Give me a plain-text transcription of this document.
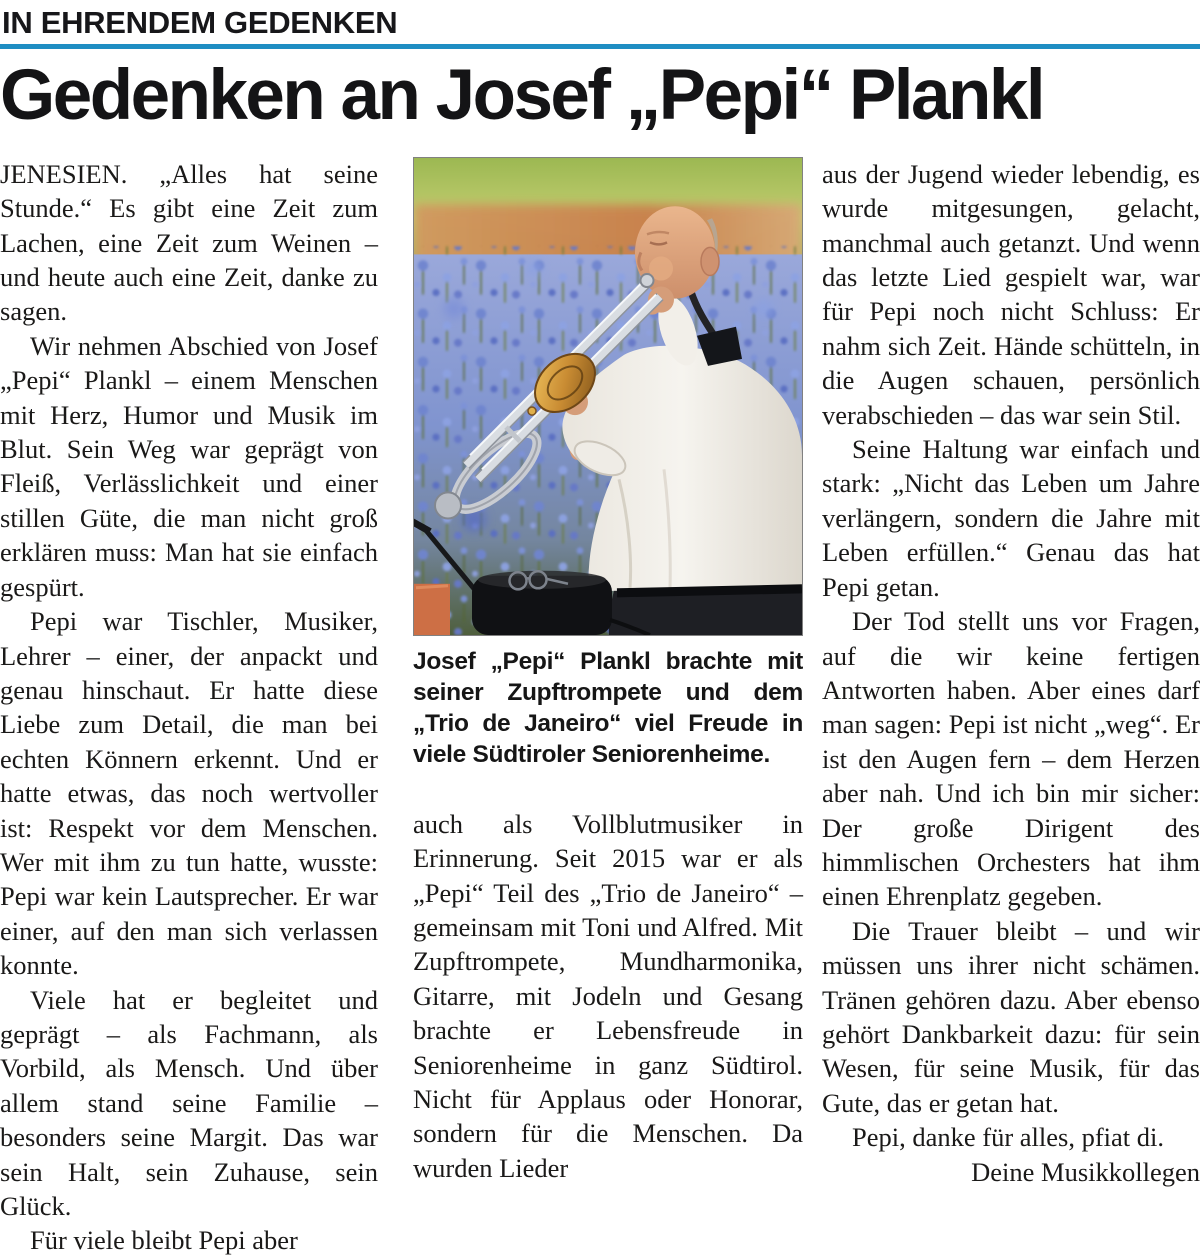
IN EHRENDEM GEDENKEN
Gedenken an Josef „Pepi“ Plankl

JENESIEN. „Alles hat seine Stunde.“ Es gibt eine Zeit zum Lachen, eine Zeit zum Weinen – und heute auch eine Zeit, danke zu sagen.

Wir nehmen Abschied von Josef „Pepi“ Plankl – einem Menschen mit Herz, Humor und Musik im Blut. Sein Weg war geprägt von Fleiß, Verlässlichkeit und einer stillen Güte, die man nicht groß erklären muss: Man hat sie einfach gespürt.

Pepi war Tischler, Musiker, Lehrer – einer, der anpackt und genau hinschaut. Er hatte diese Liebe zum Detail, die man bei echten Könnern erkennt. Und er hatte etwas, das noch wertvoller ist: Respekt vor dem Menschen. Wer mit ihm zu tun hatte, wusste: Pepi war kein Lautsprecher. Er war einer, auf den man sich verlassen konnte.

Viele hat er begleitet und geprägt – als Fachmann, als Vorbild, als Mensch. Und über allem stand seine Familie – besonders seine Margit. Das war sein Halt, sein Zuhause, sein Glück.

Für viele bleibt Pepi aber

Josef „Pepi“ Plankl brachte mit seiner Zupftrompete und dem „Trio de Janeiro“ viel Freude in viele Südtiroler Seniorenheime.

auch als Vollblutmusiker in Erinnerung. Seit 2015 war er als „Pepi“ Teil des „Trio de Janeiro“ – gemeinsam mit Toni und Alfred. Mit Zupftrompete, Mundharmonika, Gitarre, mit Jodeln und Gesang brachte er Lebensfreude in Seniorenheime in ganz Südtirol. Nicht für Applaus oder Honorar, sondern für die Menschen. Da wurden Lieder

aus der Jugend wieder lebendig, es wurde mitgesungen, gelacht, manchmal auch getanzt. Und wenn das letzte Lied gespielt war, war für Pepi noch nicht Schluss: Er nahm sich Zeit. Hände schütteln, in die Augen schauen, persönlich verabschieden – das war sein Stil.

Seine Haltung war einfach und stark: „Nicht das Leben um Jahre verlängern, sondern die Jahre mit Leben erfüllen.“ Genau das hat Pepi getan.

Der Tod stellt uns vor Fragen, auf die wir keine fertigen Antworten haben. Aber eines darf man sagen: Pepi ist nicht „weg“. Er ist den Augen fern – dem Herzen aber nah. Und ich bin mir sicher: Der große Dirigent des himmlischen Orchesters hat ihm einen Ehrenplatz gegeben.

Die Trauer bleibt – und wir müssen uns ihrer nicht schämen. Tränen gehören dazu. Aber ebenso gehört Dankbarkeit dazu: für sein Wesen, für seine Musik, für das Gute, das er getan hat.

Pepi, danke für alles, pfiat di.

Deine Musikkollegen
